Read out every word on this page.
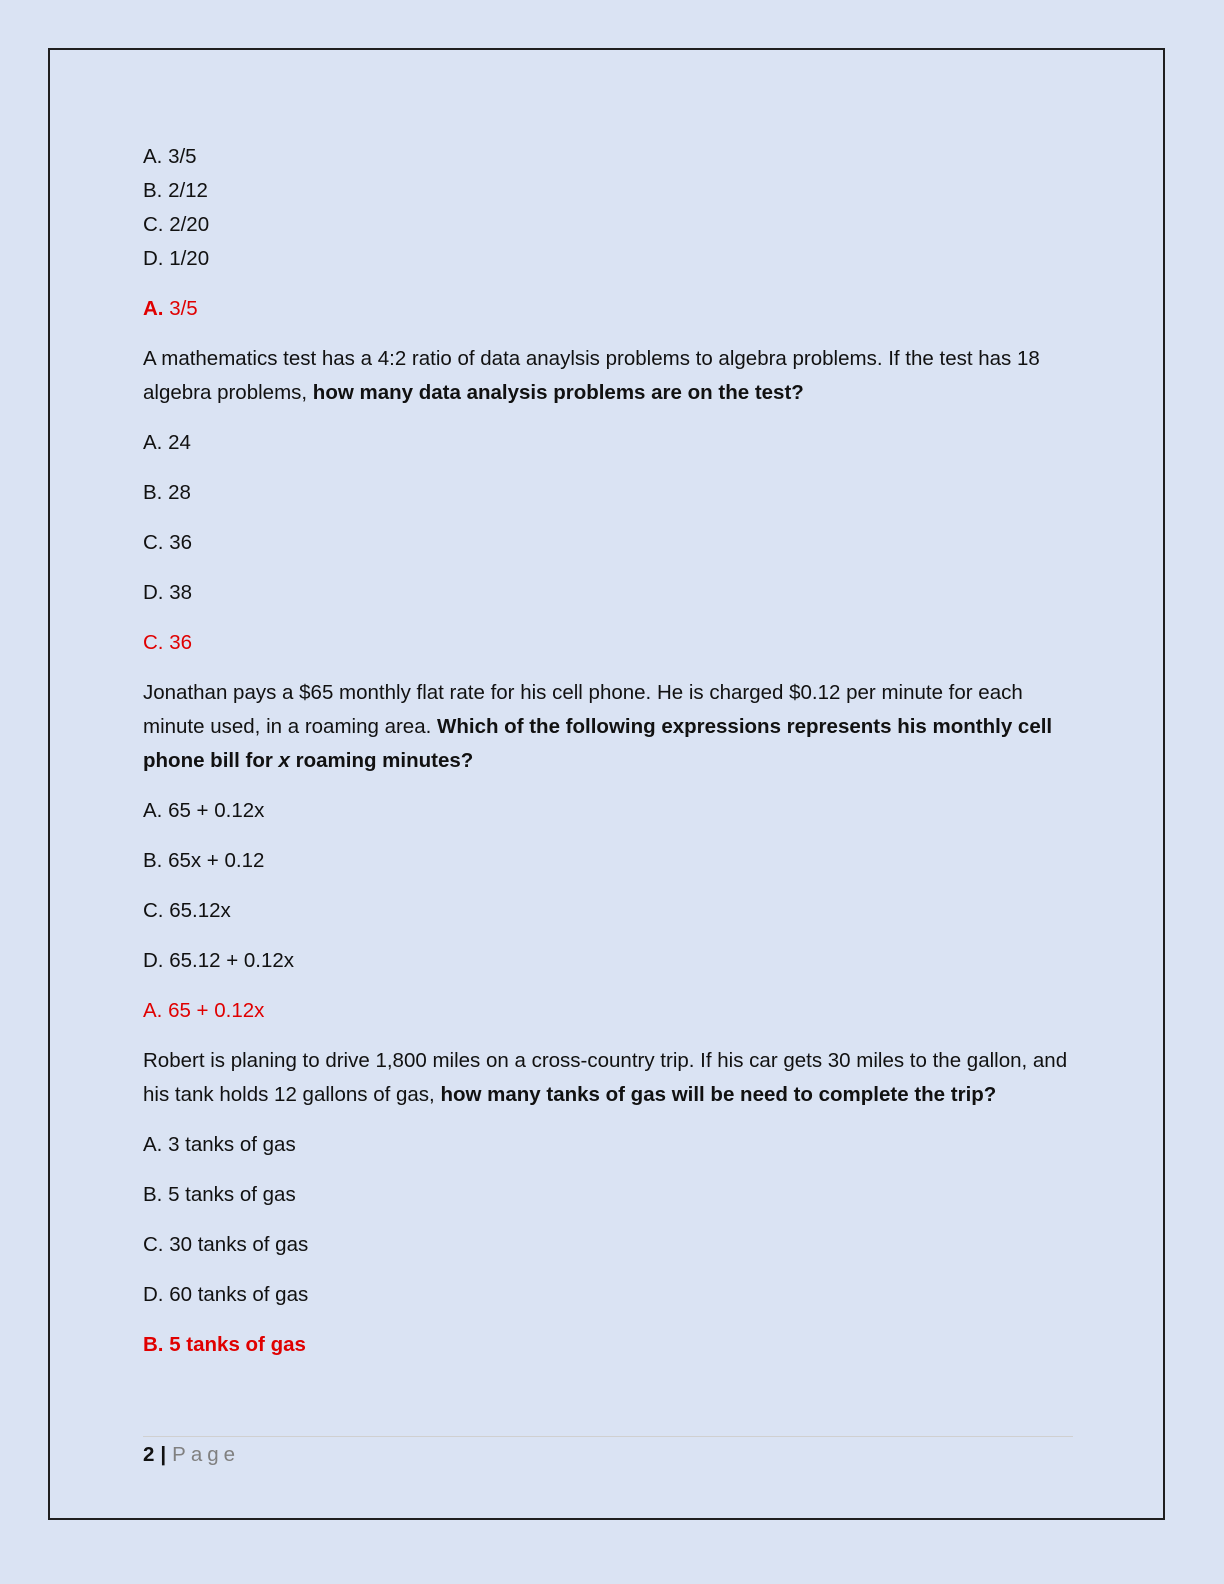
A. 3/5

B. 2/12

C. 2/20

D. 1/20

A. 3/5

A mathematics test has a 4:2 ratio of data anaylsis problems to algebra problems. If the test has 18 algebra problems, how many data analysis problems are on the test?

A. 24

B. 28

C. 36

D. 38

C. 36

Jonathan pays a $65 monthly flat rate for his cell phone. He is charged $0.12 per minute for each minute used, in a roaming area. Which of the following expressions represents his monthly cell phone bill for x roaming minutes?

A. 65 + 0.12x

B. 65x + 0.12

C. 65.12x

D. 65.12 + 0.12x

A. 65 + 0.12x

Robert is planing to drive 1,800 miles on a cross-country trip. If his car gets 30 miles to the gallon, and his tank holds 12 gallons of gas, how many tanks of gas will be need to complete the trip?

A. 3 tanks of gas

B. 5 tanks of gas

C. 30 tanks of gas

D. 60 tanks of gas

B. 5 tanks of gas

2 | Page
